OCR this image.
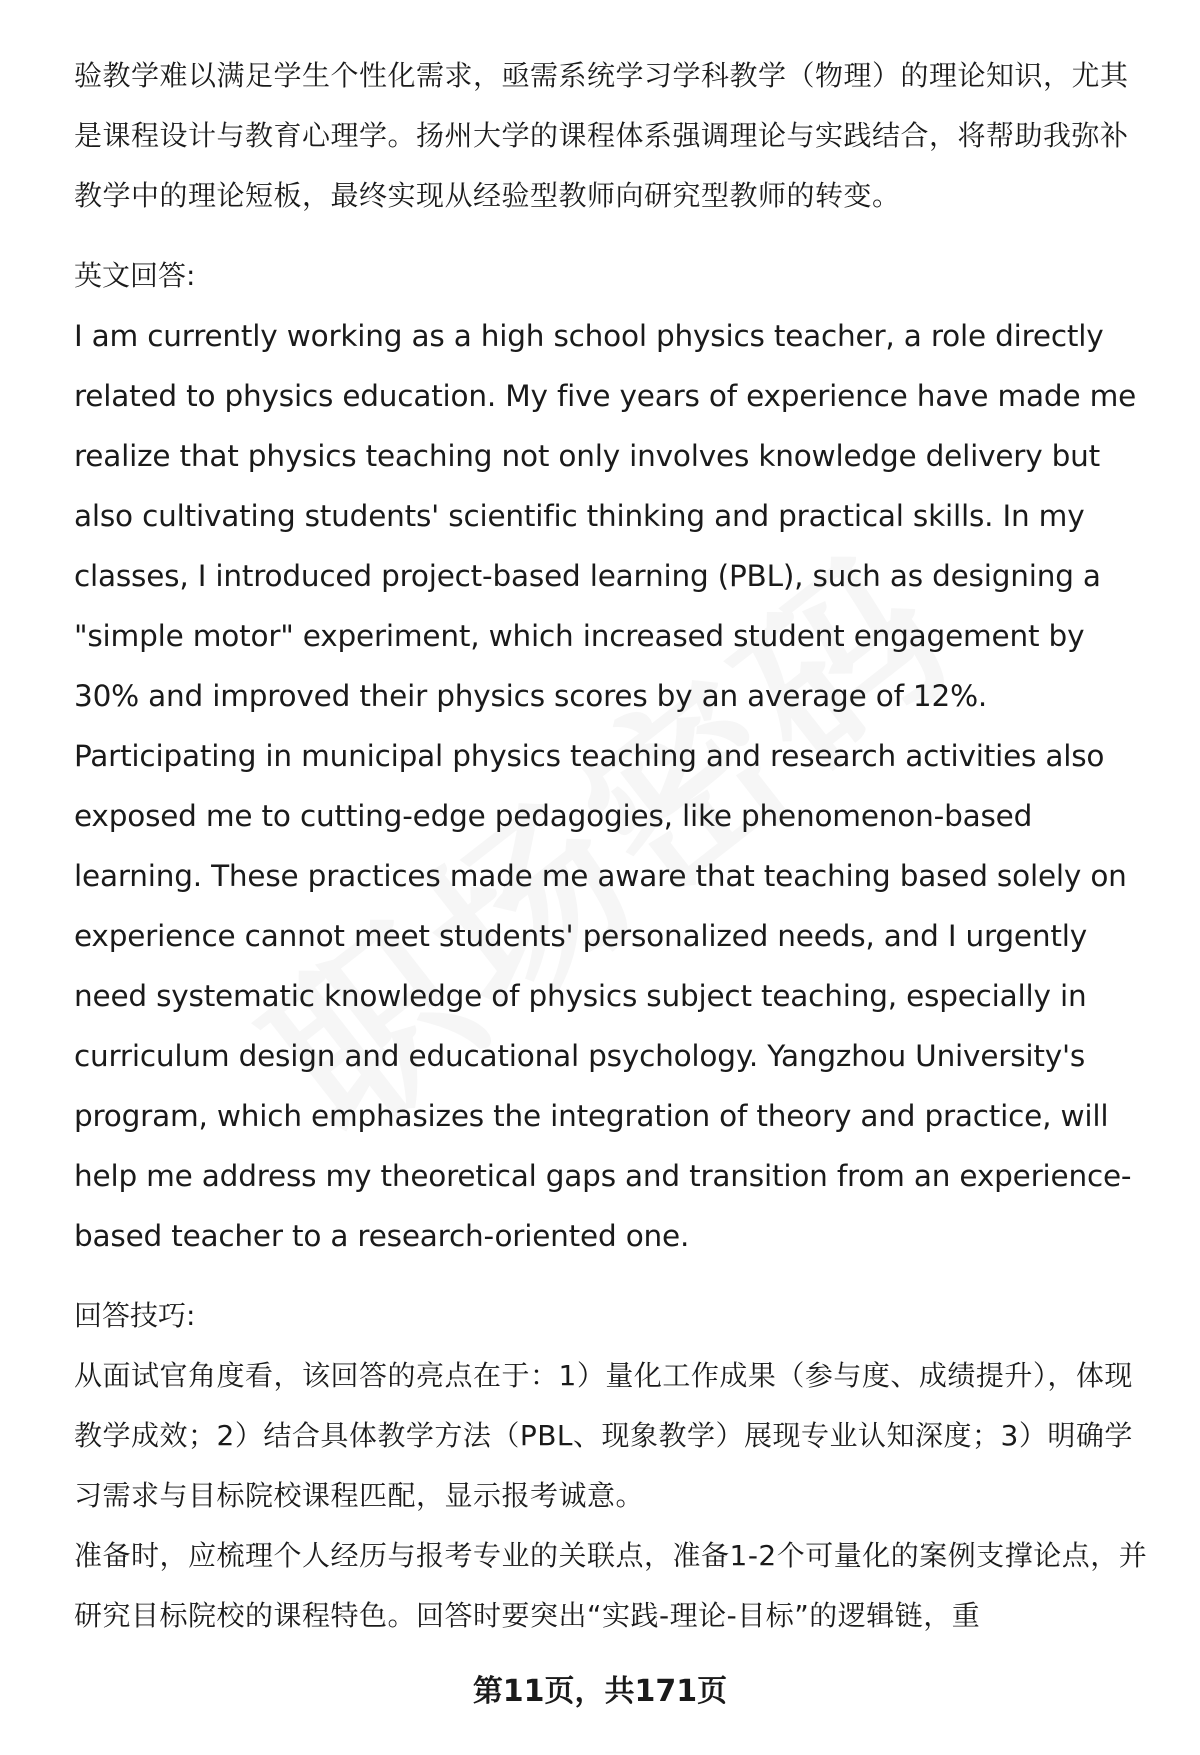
验教学难以满足学生个性化需求，亟需系统学习学科教学（物理）的理论知识，尤其是课程设计与教育心理学。扬州大学的课程体系强调理论与实践结合，将帮助我弥补教学中的理论短板，最终实现从经验型教师向研究型教师的转变。

英文回答:

I am currently working as a high school physics teacher, a role directly related to physics education. My five years of experience have made me realize that physics teaching not only involves knowledge delivery but also cultivating students' scientific thinking and practical skills. In my classes, I introduced project-based learning (PBL), such as designing a "simple motor" experiment, which increased student engagement by 30% and improved their physics scores by an average of 12%. Participating in municipal physics teaching and research activities also exposed me to cutting-edge pedagogies, like phenomenon-based learning. These practices made me aware that teaching based solely on experience cannot meet students' personalized needs, and I urgently need systematic knowledge of physics subject teaching, especially in curriculum design and educational psychology. Yangzhou University's program, which emphasizes the integration of theory and practice, will help me address my theoretical gaps and transition from an experience-based teacher to a research-oriented one.

回答技巧:

从面试官角度看，该回答的亮点在于：1）量化工作成果（参与度、成绩提升），体现教学成效；2）结合具体教学方法（PBL、现象教学）展现专业认知深度；3）明确学习需求与目标院校课程匹配，显示报考诚意。

准备时，应梳理个人经历与报考专业的关联点，准备1-2个可量化的案例支撑论点，并研究目标院校的课程特色。回答时要突出“实践-理论-目标”的逻辑链，重

第11页，共171页
